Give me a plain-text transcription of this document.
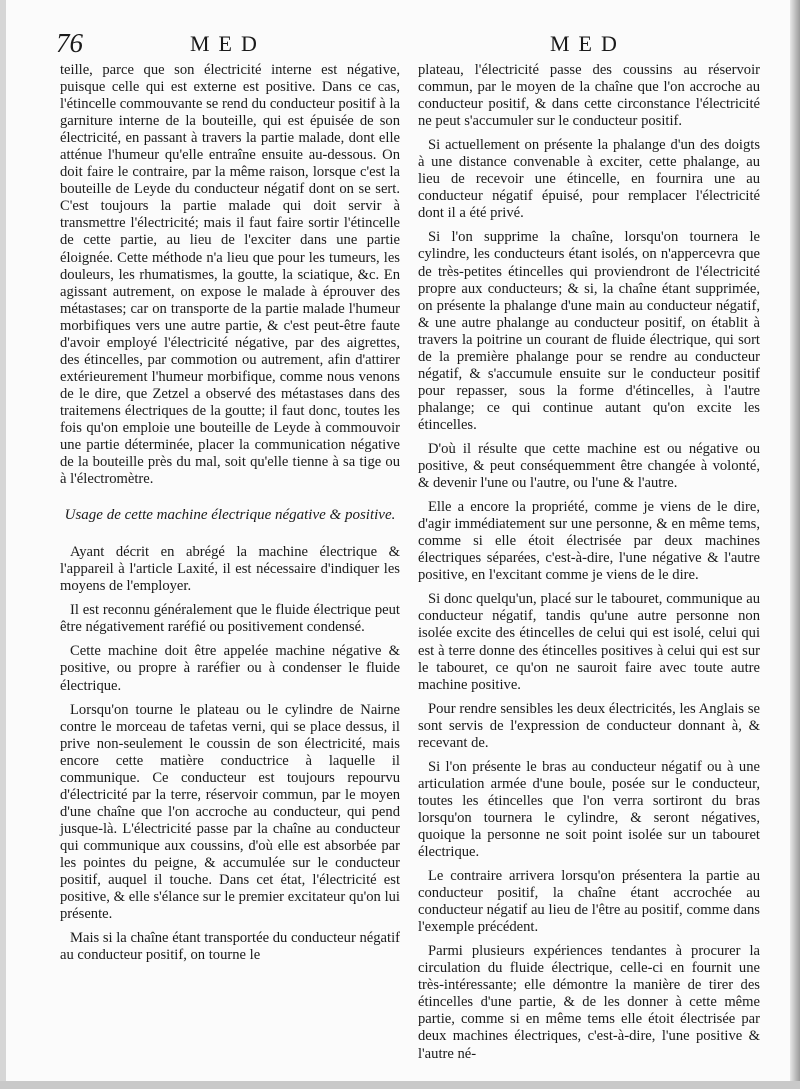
76	MED	MED

teille, parce que son électricité interne est négative, puisque celle qui est externe est positive. Dans ce cas, l'étincelle commouvante se rend du conducteur positif à la garniture interne de la bouteille, qui est épuisée de son électricité, en passant à travers la partie malade, dont elle atténue l'humeur qu'elle entraîne ensuite au-dessous. On doit faire le contraire, par la même raison, lorsque c'est la bouteille de Leyde du conducteur négatif dont on se sert. C'est toujours la partie malade qui doit servir à transmettre l'électricité; mais il faut faire sortir l'étincelle de cette partie, au lieu de l'exciter dans une partie éloignée. Cette méthode n'a lieu que pour les tumeurs, les douleurs, les rhumatismes, la goutte, la sciatique, &c. En agissant autrement, on expose le malade à éprouver des métastases; car on transporte de la partie malade l'humeur morbifiques vers une autre partie, & c'est peut-être faute d'avoir employé l'électricité négative, par des aigrettes, des étincelles, par commotion ou autrement, afin d'attirer extérieurement l'humeur morbifique, comme nous venons de le dire, que Zetzel a observé des métastases dans des traitemens électriques de la goutte; il faut donc, toutes les fois qu'on emploie une bouteille de Leyde à commouvoir une partie déterminée, placer la communication négative de la bouteille près du mal, soit qu'elle tienne à sa tige ou à l'électromètre.

Usage de cette machine électrique négative & positive.

Ayant décrit en abrégé la machine électrique & l'appareil à l'article Laxité, il est nécessaire d'indiquer les moyens de l'employer.

Il est reconnu généralement que le fluide électrique peut être négativement raréfié ou positivement condensé.

Cette machine doit être appelée machine négative & positive, ou propre à raréfier ou à condenser le fluide électrique.

Lorsqu'on tourne le plateau ou le cylindre de Nairne contre le morceau de tafetas verni, qui se place dessus, il prive non-seulement le coussin de son électricité, mais encore cette matière conductrice à laquelle il communique. Ce conducteur est toujours repourvu d'électricité par la terre, réservoir commun, par le moyen d'une chaîne que l'on accroche au conducteur, qui pend jusque-là. L'électricité passe par la chaîne au conducteur qui communique aux coussins, d'où elle est absorbée par les pointes du peigne, & accumulée sur le conducteur positif, auquel il touche. Dans cet état, l'électricité est positive, & elle s'élance sur le premier excitateur qu'on lui présente.

Mais si la chaîne étant transportée du conducteur négatif au conducteur positif, on tourne le

plateau, l'électricité passe des coussins au réservoir commun, par le moyen de la chaîne que l'on accroche au conducteur positif, & dans cette circonstance l'électricité ne peut s'accumuler sur le conducteur positif.

Si actuellement on présente la phalange d'un des doigts à une distance convenable à exciter, cette phalange, au lieu de recevoir une étincelle, en fournira une au conducteur négatif épuisé, pour remplacer l'électricité dont il a été privé.

Si l'on supprime la chaîne, lorsqu'on tournera le cylindre, les conducteurs étant isolés, on n'appercevra que de très-petites étincelles qui proviendront de l'électricité propre aux conducteurs; & si, la chaîne étant supprimée, on présente la phalange d'une main au conducteur négatif, & une autre phalange au conducteur positif, on établit à travers la poitrine un courant de fluide électrique, qui sort de la première phalange pour se rendre au conducteur négatif, & s'accumule ensuite sur le conducteur positif pour repasser, sous la forme d'étincelles, à l'autre phalange; ce qui continue autant qu'on excite les étincelles.

D'où il résulte que cette machine est ou négative ou positive, & peut conséquemment être changée à volonté, & devenir l'une ou l'autre, ou l'une & l'autre.

Elle a encore la propriété, comme je viens de le dire, d'agir immédiatement sur une personne, & en même tems, comme si elle étoit électrisée par deux machines électriques séparées, c'est-à-dire, l'une négative & l'autre positive, en l'excitant comme je viens de le dire.

Si donc quelqu'un, placé sur le tabouret, communique au conducteur négatif, tandis qu'une autre personne non isolée excite des étincelles de celui qui est isolé, celui qui est à terre donne des étincelles positives à celui qui est sur le tabouret, ce qu'on ne sauroit faire avec toute autre machine positive.

Pour rendre sensibles les deux électricités, les Anglais se sont servis de l'expression de conducteur donnant à, & recevant de.

Si l'on présente le bras au conducteur négatif ou à une articulation armée d'une boule, posée sur le conducteur, toutes les étincelles que l'on verra sortiront du bras lorsqu'on tournera le cylindre, & seront négatives, quoique la personne ne soit point isolée sur un tabouret électrique.

Le contraire arrivera lorsqu'on présentera la partie au conducteur positif, la chaîne étant accrochée au conducteur négatif au lieu de l'être au positif, comme dans l'exemple précédent.

Parmi plusieurs expériences tendantes à procurer la circulation du fluide électrique, celle-ci en fournit une très-intéressante; elle démontre la manière de tirer des étincelles d'une partie, & de les donner à cette même partie, comme si en même tems elle étoit électrisée par deux machines électriques, c'est-à-dire, l'une positive & l'autre né-
